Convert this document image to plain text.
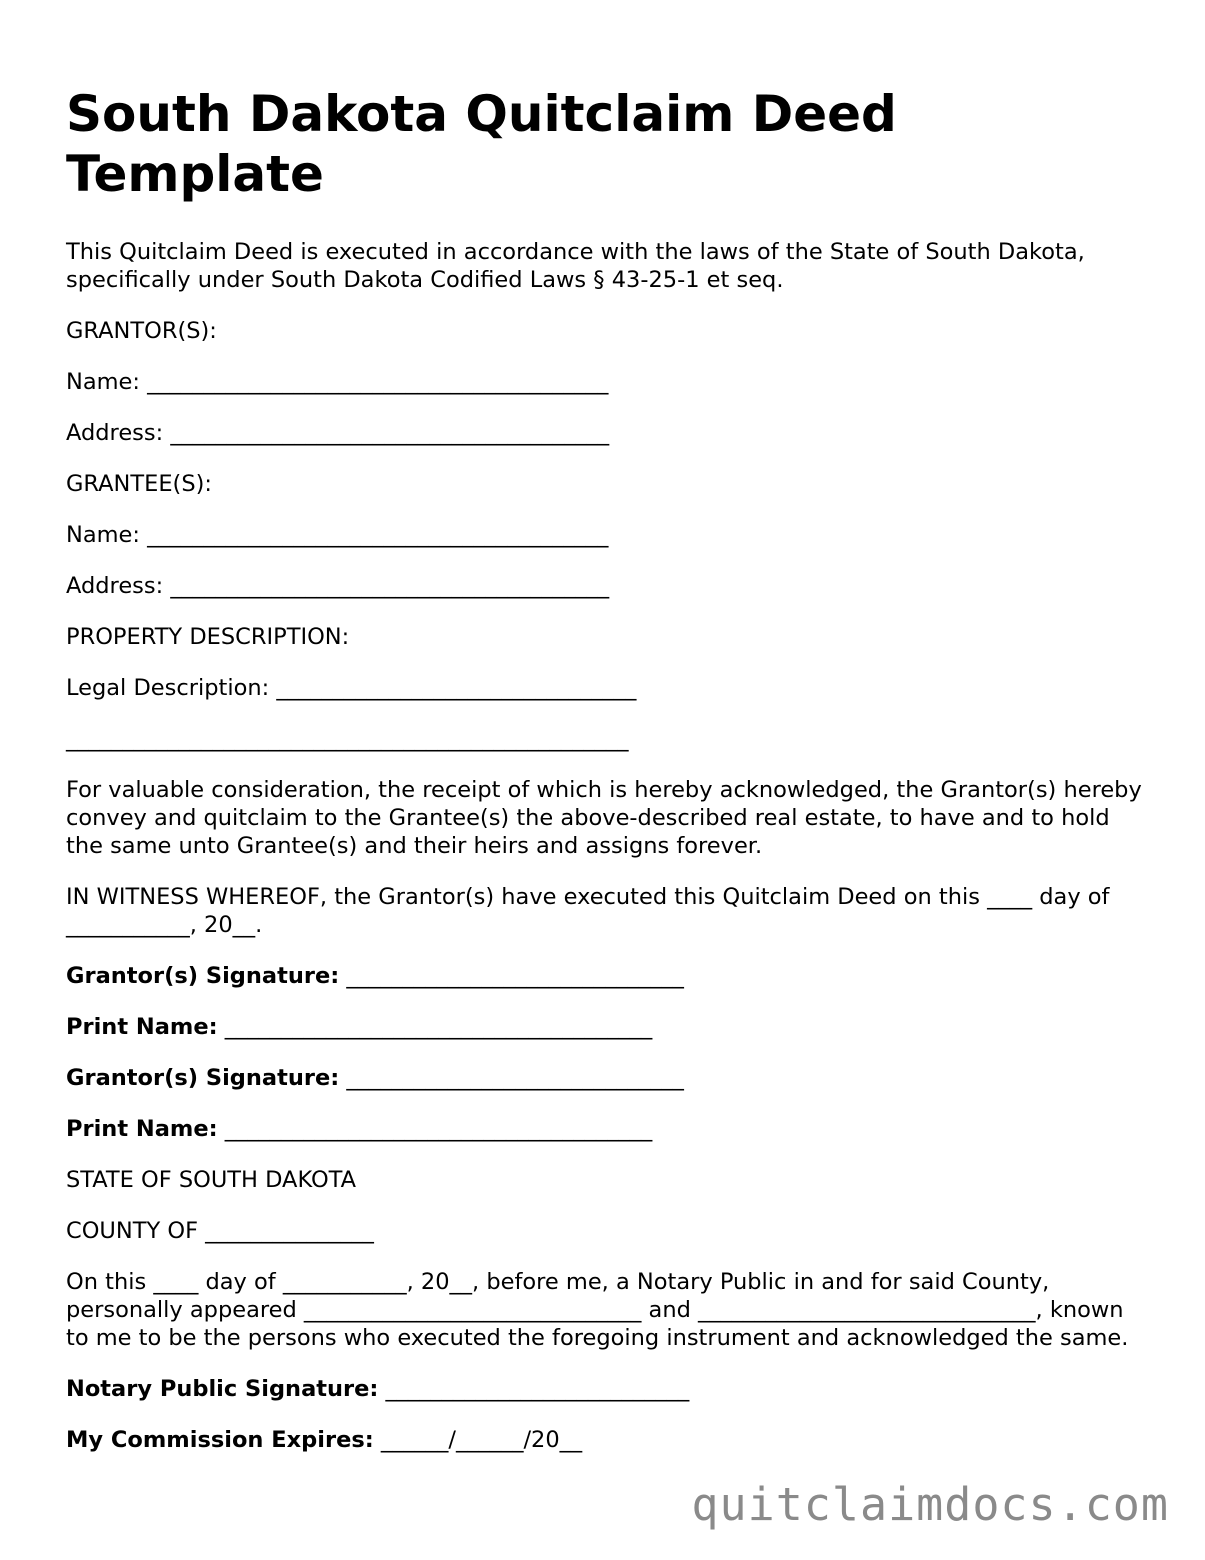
South Dakota Quitclaim Deed Template

This Quitclaim Deed is executed in accordance with the laws of the State of South Dakota, specifically under South Dakota Codified Laws § 43-25-1 et seq.

GRANTOR(S):

Name: _________________________________________

Address: _______________________________________

GRANTEE(S):

Name: _________________________________________

Address: _______________________________________

PROPERTY DESCRIPTION:

Legal Description: ________________________________

__________________________________________________

For valuable consideration, the receipt of which is hereby acknowledged, the Grantor(s) hereby convey and quitclaim to the Grantee(s) the above-described real estate, to have and to hold the same unto Grantee(s) and their heirs and assigns forever.

IN WITNESS WHEREOF, the Grantor(s) have executed this Quitclaim Deed on this ____ day of ___________, 20__.

Grantor(s) Signature: ______________________________

Print Name: ______________________________________

Grantor(s) Signature: ______________________________

Print Name: ______________________________________

STATE OF SOUTH DAKOTA

COUNTY OF _______________

On this ____ day of ___________, 20__, before me, a Notary Public in and for said County, personally appeared ______________________________ and ______________________________, known to me to be the persons who executed the foregoing instrument and acknowledged the same.

Notary Public Signature: ___________________________

My Commission Expires: ______/______/20__

quitclaimdocs.com
